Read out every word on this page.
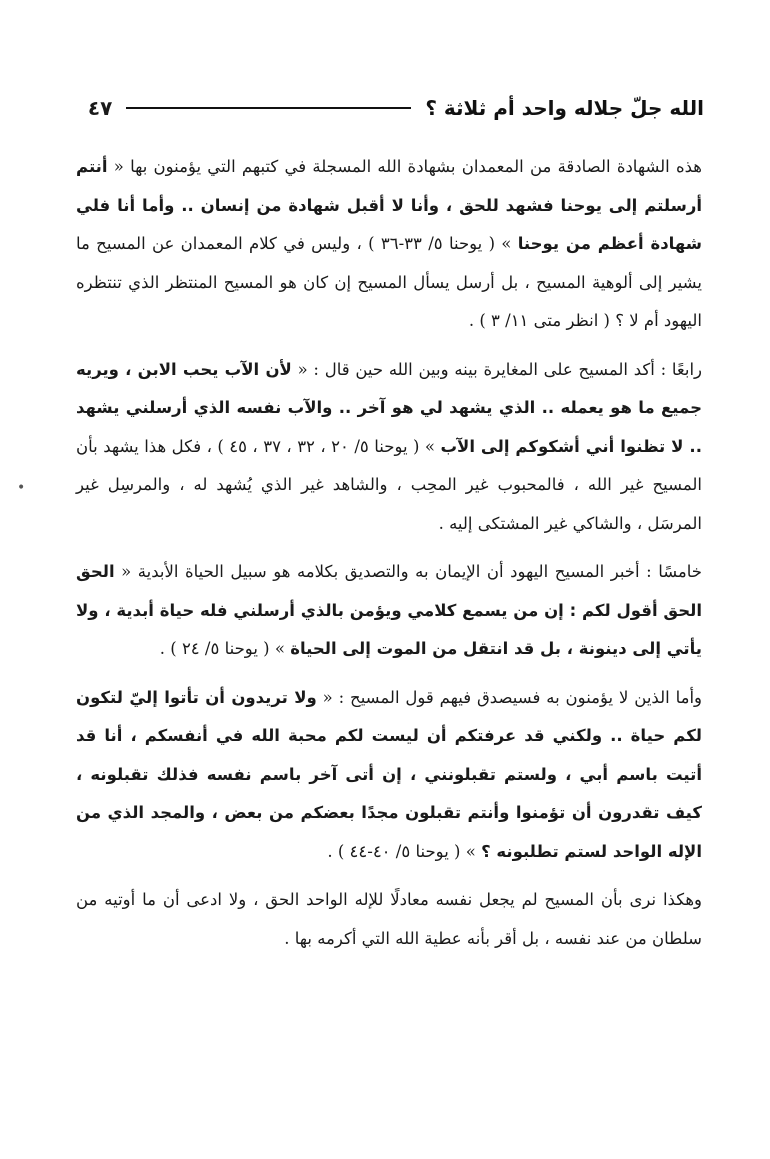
الله جلّ جلاله واحد أم ثلاثة ؟
٤٧

هذه الشهادة الصادقة من المعمدان بشهادة الله المسجلة في كتبهم التي يؤمنون بها « أنتم أرسلتم إلى يوحنا فشهد للحق ، وأنا لا أقبل شهادة من إنسان .. وأما أنا فلي شهادة أعظم من يوحنا » ( يوحنا ٥/ ٣٣-٣٦ ) ، وليس في كلام المعمدان عن المسيح ما يشير إلى ألوهية المسيح ، بل أرسل يسأل المسيح إن كان هو المسيح المنتظر الذي تنتظره اليهود أم لا ؟ ( انظر متى ١١/ ٣ ) .

رابعًا : أكد المسيح على المغايرة بينه وبين الله حين قال : « لأن الآب يحب الابن ، ويريه جميع ما هو يعمله .. الذي يشهد لي هو آخر .. والآب نفسه الذي أرسلني يشهد .. لا تظنوا أني أشكوكم إلى الآب » ( يوحنا ٥/ ٢٠ ، ٣٢ ، ٣٧ ، ٤٥ ) ، فكل هذا يشهد بأن المسيح غير الله ، فالمحبوب غير المحِب ، والشاهد غير الذي يُشهد له ، والمرسِل غير المرسَل ، والشاكي غير المشتكى إليه .

خامسًا : أخبر المسيح اليهود أن الإيمان به والتصديق بكلامه هو سبيل الحياة الأبدية « الحق الحق أقول لكم : إن من يسمع كلامي ويؤمن بالذي أرسلني فله حياة أبدية ، ولا يأتي إلى دينونة ، بل قد انتقل من الموت إلى الحياة » ( يوحنا ٥/ ٢٤ ) .

وأما الذين لا يؤمنون به فسيصدق فيهم قول المسيح : « ولا تريدون أن تأتوا إليّ لتكون لكم حياة .. ولكني قد عرفتكم أن ليست لكم محبة الله في أنفسكم ، أنا قد أتيت باسم أبي ، ولستم تقبلونني ، إن أتى آخر باسم نفسه فذلك تقبلونه ، كيف تقدرون أن تؤمنوا وأنتم تقبلون مجدًا بعضكم من بعض ، والمجد الذي من الإله الواحد لستم تطلبونه ؟ » ( يوحنا ٥/ ٤٠-٤٤ ) .

وهكذا نرى بأن المسيح لم يجعل نفسه معادلًا للإله الواحد الحق ، ولا ادعى أن ما أوتيه من سلطان من عند نفسه ، بل أقر بأنه عطية الله التي أكرمه بها .

•
